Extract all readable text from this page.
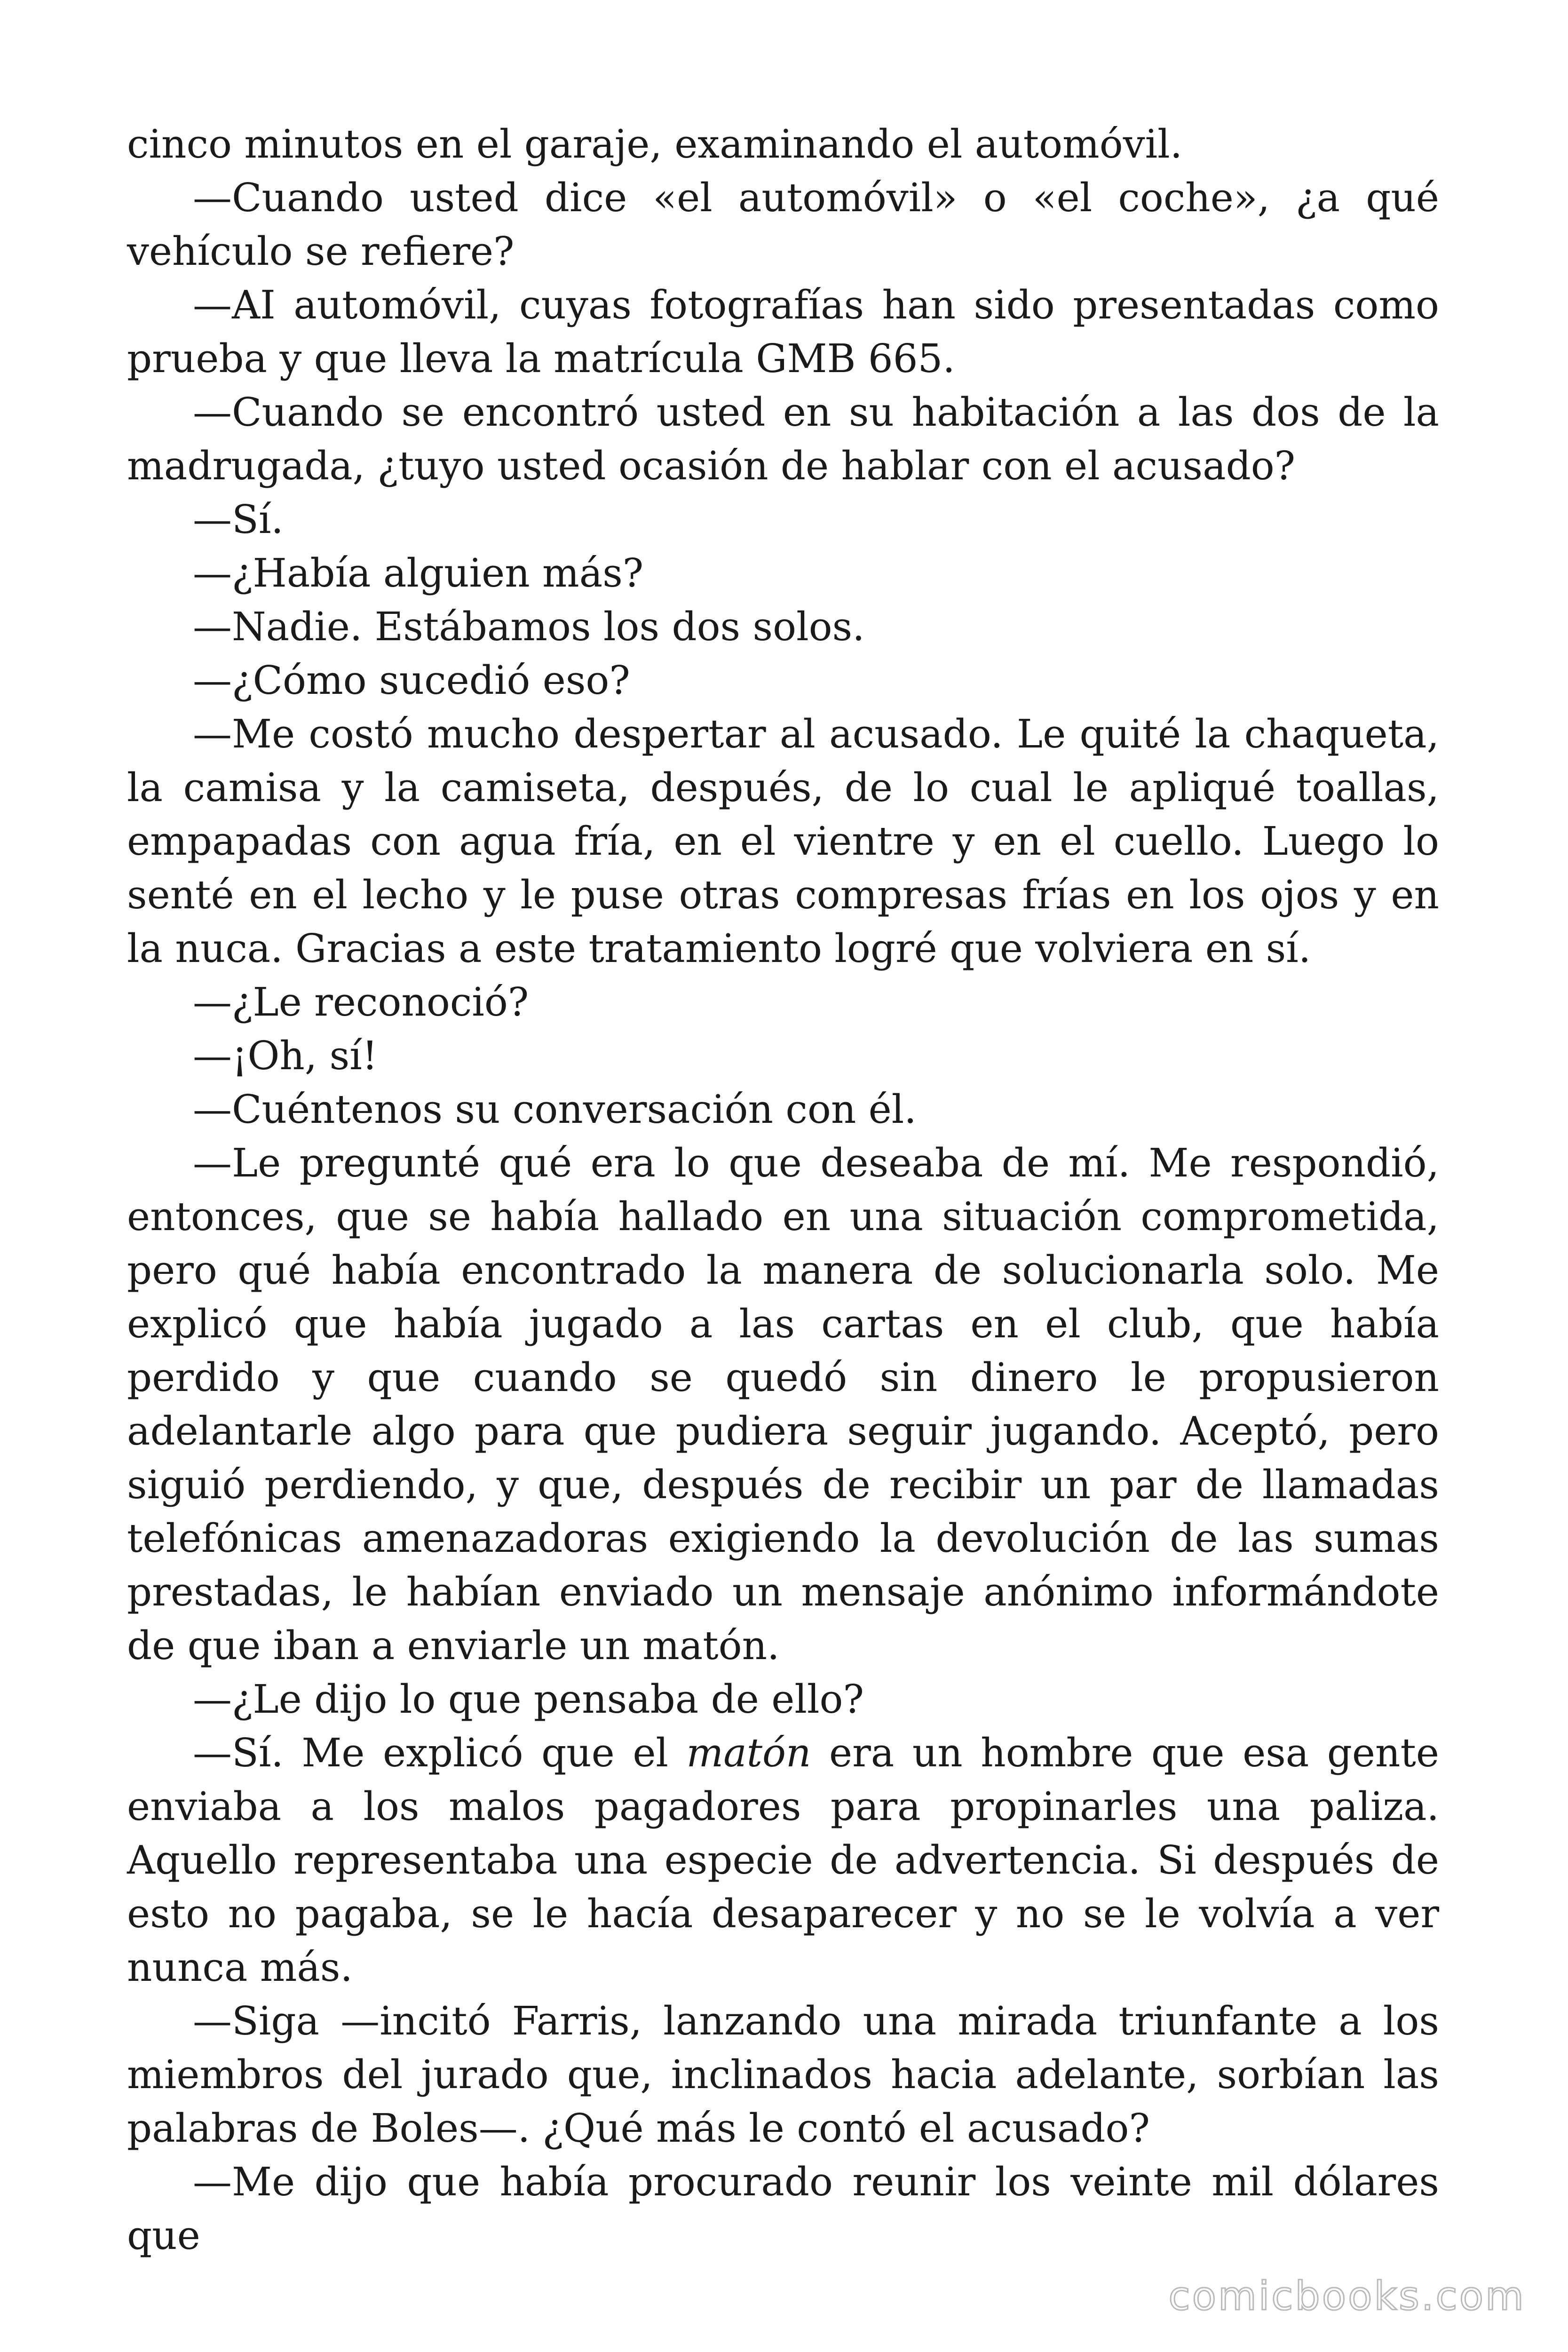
cinco minutos en el garaje, examinando el automóvil.

—Cuando usted dice «el automóvil» o «el coche», ¿a qué vehículo se refiere?

—AI automóvil, cuyas fotografías han sido presentadas como prueba y que lleva la matrícula GMB 665.

—Cuando se encontró usted en su habitación a las dos de la madrugada, ¿tuyo usted ocasión de hablar con el acusado?

—Sí.

—¿Había alguien más?

—Nadie. Estábamos los dos solos.

—¿Cómo sucedió eso?

—Me costó mucho despertar al acusado. Le quité la chaqueta, la camisa y la camiseta, después, de lo cual le apliqué toallas, empapadas con agua fría, en el vientre y en el cuello. Luego lo senté en el lecho y le puse otras compresas frías en los ojos y en la nuca. Gracias a este tratamiento logré que volviera en sí.

—¿Le reconoció?

—¡Oh, sí!

—Cuéntenos su conversación con él.

—Le pregunté qué era lo que deseaba de mí. Me respondió, entonces, que se había hallado en una situación comprometida, pero qué había encontrado la manera de solucionarla solo. Me explicó que había jugado a las cartas en el club, que había perdido y que cuando se quedó sin dinero le propusieron adelantarle algo para que pudiera seguir jugando. Aceptó, pero siguió perdiendo, y que, después de recibir un par de llamadas telefónicas amenazadoras exigiendo la devolución de las sumas prestadas, le habían enviado un mensaje anónimo informándote de que iban a enviarle un matón.

—¿Le dijo lo que pensaba de ello?

—Sí. Me explicó que el matón era un hombre que esa gente enviaba a los malos pagadores para propinarles una paliza. Aquello representaba una especie de advertencia. Si después de esto no pagaba, se le hacía desaparecer y no se le volvía a ver nunca más.

—Siga —incitó Farris, lanzando una mirada triunfante a los miembros del jurado que, inclinados hacia adelante, sorbían las palabras de Boles—. ¿Qué más le contó el acusado?

—Me dijo que había procurado reunir los veinte mil dólares que

comicbooks.com
